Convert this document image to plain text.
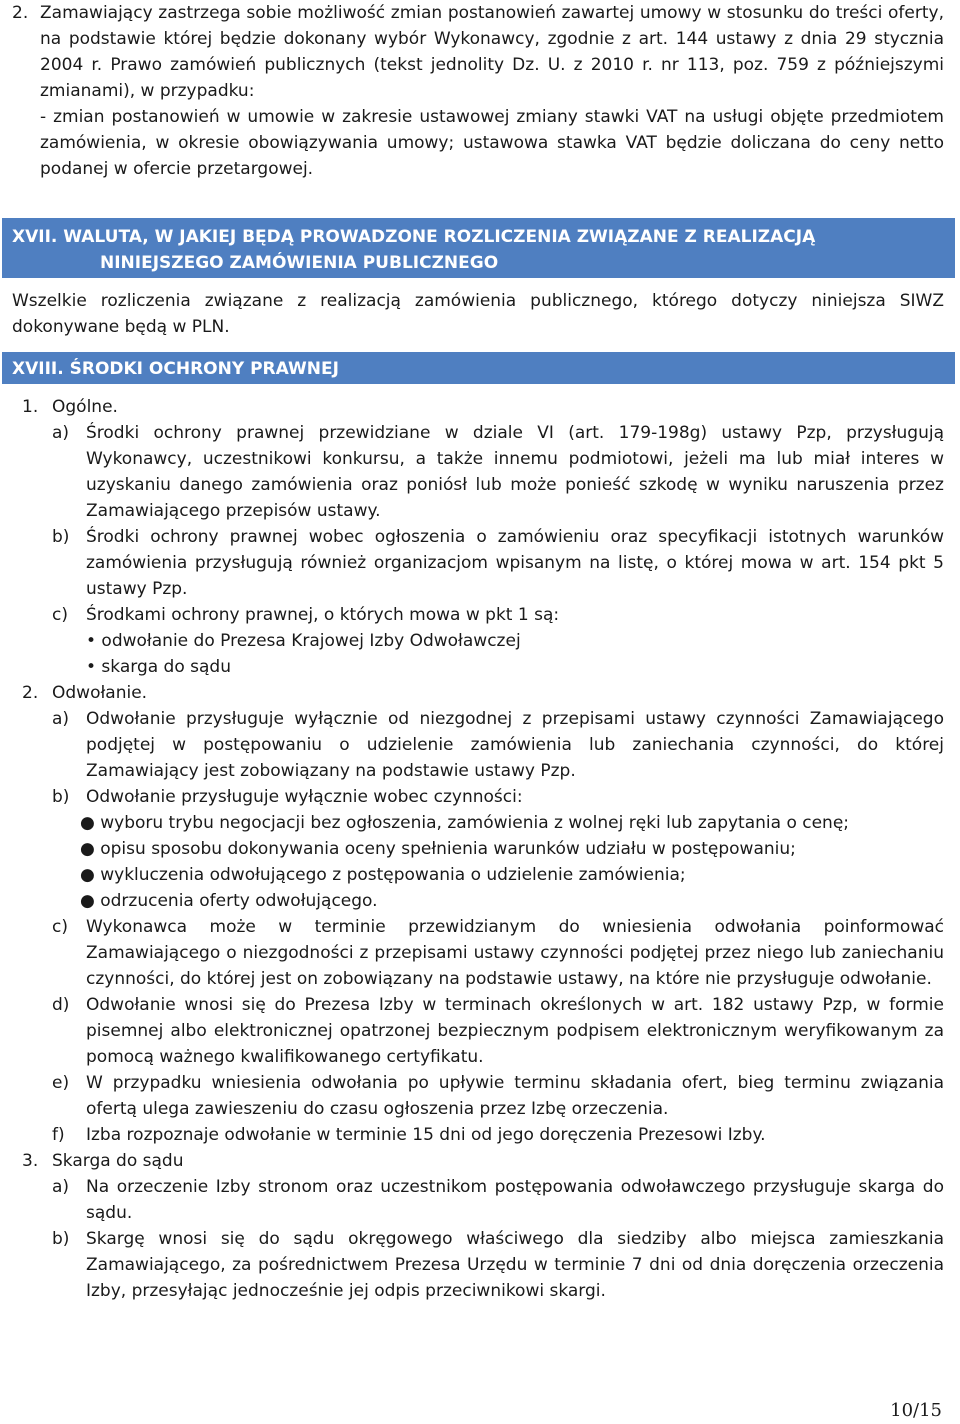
2. Zamawiający zastrzega sobie możliwość zmian postanowień zawartej umowy w stosunku do treści oferty, na podstawie której będzie dokonany wybór Wykonawcy, zgodnie z art. 144 ustawy z dnia 29 stycznia 2004 r. Prawo zamówień publicznych (tekst jednolity Dz. U. z 2010 r. nr 113, poz. 759 z późniejszymi zmianami), w przypadku:
- zmian postanowień w umowie w zakresie ustawowej zmiany stawki VAT na usługi objęte przedmiotem zamówienia, w okresie obowiązywania umowy; ustawowa stawka VAT będzie doliczana do ceny netto podanej w ofercie przetargowej.
XVII. WALUTA, W JAKIEJ BĘDĄ PROWADZONE ROZLICZENIA ZWIĄZANE Z REALIZACJĄ
NINIEJSZEGO ZAMÓWIENIA PUBLICZNEGO
Wszelkie rozliczenia związane z realizacją zamówienia publicznego, którego dotyczy niniejsza SIWZ dokonywane będą w PLN.
XVIII. ŚRODKI OCHRONY PRAWNEJ
1. Ogólne.
a) Środki ochrony prawnej przewidziane w dziale VI (art. 179-198g) ustawy Pzp, przysługują Wykonawcy, uczestnikowi konkursu, a także innemu podmiotowi, jeżeli ma lub miał interes w uzyskaniu danego zamówienia oraz poniósł lub może ponieść szkodę w wyniku naruszenia przez Zamawiającego przepisów ustawy.
b) Środki ochrony prawnej wobec ogłoszenia o zamówieniu oraz specyfikacji istotnych warunków zamówienia przysługują również organizacjom wpisanym na listę, o której mowa w art. 154 pkt 5 ustawy Pzp.
c)	Środkami ochrony prawnej, o których mowa w pkt 1 są:
• odwołanie do Prezesa Krajowej Izby Odwoławczej
• skarga do sądu
2. Odwołanie.
a) Odwołanie przysługuje wyłącznie od niezgodnej z przepisami ustawy czynności Zamawiającego podjętej w postępowaniu o udzielenie zamówienia lub zaniechania czynności, do której Zamawiający jest zobowiązany na podstawie ustawy Pzp.
b) Odwołanie przysługuje wyłącznie wobec czynności:
● wyboru trybu negocjacji bez ogłoszenia, zamówienia z wolnej ręki lub zapytania o cenę;
● opisu sposobu dokonywania oceny spełnienia warunków udziału w postępowaniu;
● wykluczenia odwołującego z postępowania o udzielenie zamówienia;
● odrzucenia oferty odwołującego.
c)	Wykonawca może w terminie przewidzianym do wniesienia odwołania poinformować Zamawiającego o niezgodności z przepisami ustawy czynności podjętej przez niego lub zaniechaniu czynności, do której jest on zobowiązany na podstawie ustawy, na które nie przysługuje odwołanie.
d) Odwołanie wnosi się do Prezesa Izby w terminach określonych w art. 182 ustawy Pzp, w formie pisemnej albo elektronicznej opatrzonej bezpiecznym podpisem elektronicznym weryfikowanym za pomocą ważnego kwalifikowanego certyfikatu.
e) W przypadku wniesienia odwołania po upływie terminu składania ofert, bieg terminu związania ofertą ulega zawieszeniu do czasu ogłoszenia przez Izbę orzeczenia.
f)	Izba rozpoznaje odwołanie w terminie 15 dni od jego doręczenia Prezesowi Izby.
3. Skarga do sądu
a) Na orzeczenie Izby stronom oraz uczestnikom postępowania odwoławczego przysługuje skarga do sądu.
b) Skargę wnosi się do sądu okręgowego właściwego dla siedziby albo miejsca zamieszkania Zamawiającego, za pośrednictwem Prezesa Urzędu w terminie 7 dni od dnia doręczenia orzeczenia Izby, przesyłając jednocześnie jej odpis przeciwnikowi skargi.
10/15
